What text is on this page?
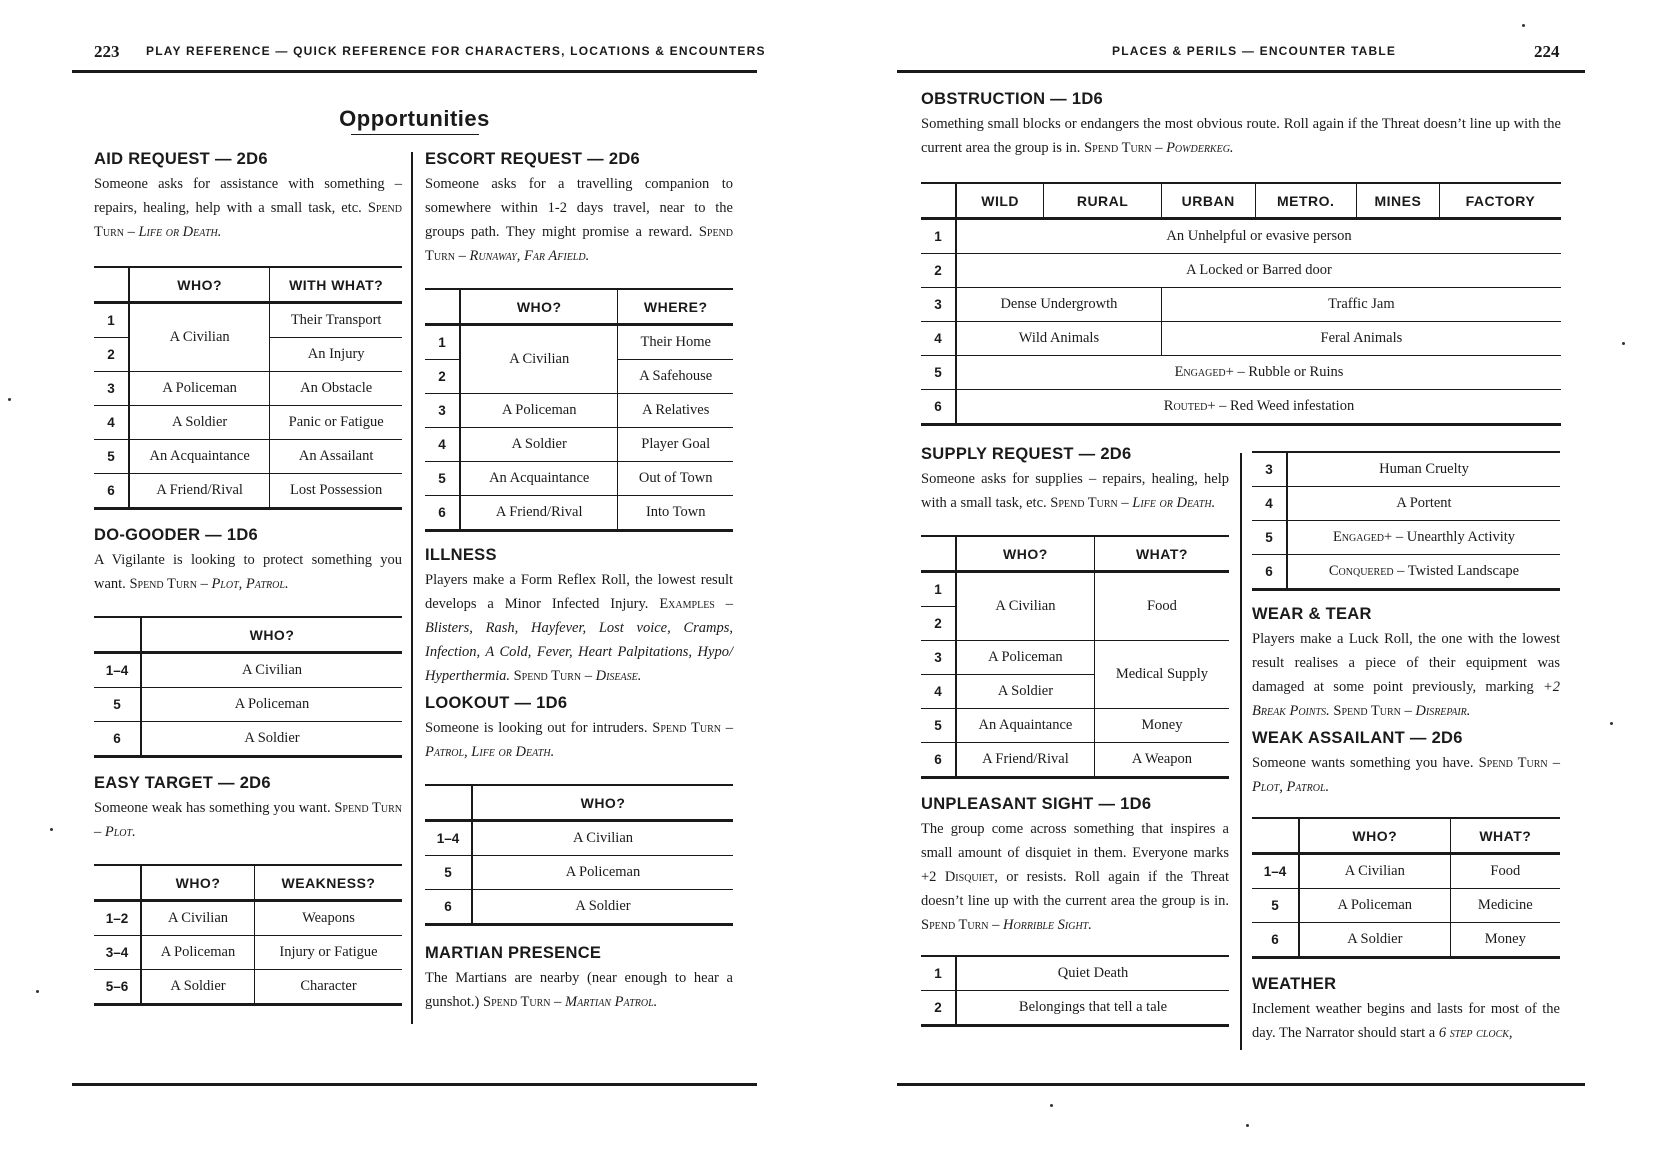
223 PLAY REFERENCE — QUICK REFERENCE FOR CHARACTERS, LOCATIONS & ENCOUNTERS
Opportunities
AID REQUEST — 2D6

Someone asks for assistance with something – repairs, healing, help with a small task, etc. Spend Turn – Life or Death.

	WHO?	WITH WHAT?
1	A Civilian	Their Transport
2		An Injury
3	A Policeman	An Obstacle
4	A Soldier	Panic or Fatigue
5	An Acquaintance	An Assailant
6	A Friend/Rival	Lost Possession
DO-GOODER — 1D6

A Vigilante is looking to protect something you want. Spend Turn – Plot, Patrol.

	WHO?
1–4	A Civilian
5	A Policeman
6	A Soldier
EASY TARGET — 2D6

Someone weak has something you want. Spend Turn – Plot.

	WHO?	WEAKNESS?
1–2	A Civilian	Weapons
3–4	A Policeman	Injury or Fatigue
5–6	A Soldier	Character
ESCORT REQUEST — 2D6

Someone asks for a travelling companion to somewhere within 1-2 days travel, near to the groups path. They might promise a reward. Spend Turn – Runaway, Far Afield.

	WHO?	WHERE?
1	A Civilian	Their Home
2		A Safehouse
3	A Policeman	A Relatives
4	A Soldier	Player Goal
5	An Acquaintance	Out of Town
6	A Friend/Rival	Into Town
ILLNESS

Players make a Form Reflex Roll, the lowest result develops a Minor Infected Injury. Examples – Blisters, Rash, Hayfever, Lost voice, Cramps, Infection, A Cold, Fever, Heart Palpitations, Hypo/ Hyperthermia. Spend Turn – Disease.

LOOKOUT — 1D6

Someone is looking out for intruders. Spend Turn – Patrol, Life or Death.

	WHO?
1–4	A Civilian
5	A Policeman
6	A Soldier
MARTIAN PRESENCE

The Martians are nearby (near enough to hear a gunshot.) Spend Turn – Martian Patrol.

PLACES & PERILS — ENCOUNTER TABLE	224
OBSTRUCTION — 1D6

Something small blocks or endangers the most obvious route. Roll again if the Threat doesn’t line up with the current area the group is in. Spend Turn – Powderkeg.

	WILD	RURAL	URBAN	METRO.	MINES	FACTORY
1	An Unhelpful or evasive person					
2	A Locked or Barred door					
3	Dense Undergrowth		Traffic Jam			
4	Wild Animals		Feral Animals			
5	Engaged+ – Rubble or Ruins					
6	Routed+ – Red Weed infestation					
SUPPLY REQUEST — 2D6

Someone asks for supplies – repairs, healing, help with a small task, etc. Spend Turn – Life or Death.

	WHO?	WHAT?
1	A Civilian	Food
2		
3	A Policeman	Medical Supply
4	A Soldier	
5	An Aquaintance	Money
6	A Friend/Rival	A Weapon
UNPLEASANT SIGHT — 1D6

The group come across something that inspires a small amount of disquiet in them. Everyone marks +2 Disquiet, or resists. Roll again if the Threat doesn’t line up with the current area the group is in. Spend Turn – Horrible Sight.

1	Quiet Death
2	Belongings that tell a tale
3	Human Cruelty
4	A Portent
5	Engaged+ – Unearthly Activity
6	Conquered – Twisted Landscape
WEAR & TEAR

Players make a Luck Roll, the one with the lowest result realises a piece of their equipment was damaged at some point previously, marking +2 Break Points. Spend Turn – Disrepair.

WEAK ASSAILANT — 2D6

Someone wants something you have. Spend Turn – Plot, Patrol.

	WHO?	WHAT?
1–4	A Civilian	Food
5	A Policeman	Medicine
6	A Soldier	Money
WEATHER

Inclement weather begins and lasts for most of the day. The Narrator should start a 6 step clock,
